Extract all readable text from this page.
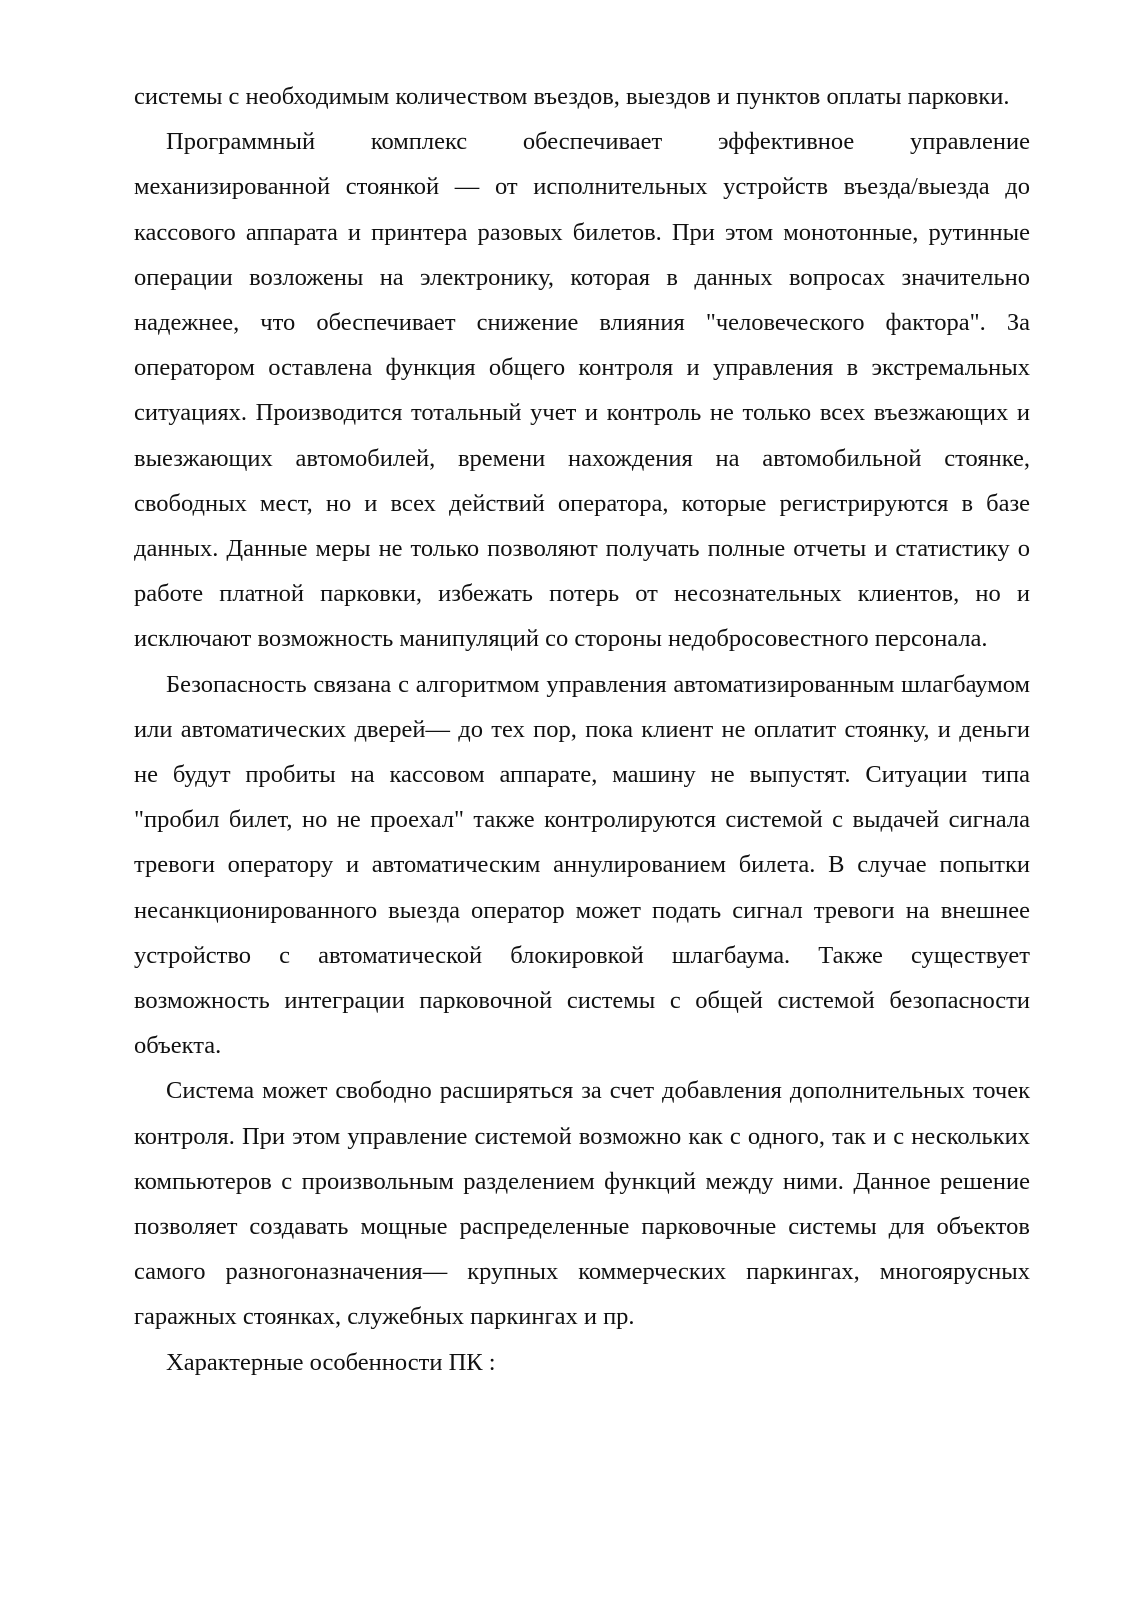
системы с необходимым количеством въездов, выездов и пунктов оплаты парковки.

Программный комплекс обеспечивает эффективное управление механизированной стоянкой — от исполнительных устройств въезда/выезда до кассового аппарата и принтера разовых билетов. При этом монотонные, рутинные операции возложены на электронику, которая в данных вопросах значительно надежнее, что обеспечивает снижение влияния "человеческого фактора". За оператором оставлена функция общего контроля и управления в экстремальных ситуациях. Производится тотальный учет и контроль не только всех въезжающих и выезжающих автомобилей, времени нахождения на автомобильной стоянке, свободных мест, но и всех действий оператора, которые регистрируются в базе данных. Данные меры не только позволяют получать полные отчеты и статистику о работе платной парковки, избежать потерь от несознательных клиентов, но и исключают возможность манипуляций со стороны недобросовестного персонала.

Безопасность связана с алгоритмом управления автоматизированным шлагбаумом или автоматических дверей— до тех пор, пока клиент не оплатит стоянку, и деньги не будут пробиты на кассовом аппарате, машину не выпустят. Ситуации типа "пробил билет, но не проехал" также контролируются системой с выдачей сигнала тревоги оператору и автоматическим аннулированием билета. В случае попытки несанкционированного выезда оператор может подать сигнал тревоги на внешнее устройство с автоматической блокировкой шлагбаума. Также существует возможность интеграции парковочной системы с общей системой безопасности объекта.

Система может свободно расширяться за счет добавления дополнительных точек контроля. При этом управление системой возможно как с одного, так и с нескольких компьютеров с произвольным разделением функций между ними. Данное решение позволяет создавать мощные распределенные парковочные системы для объектов самого разногоназначения— крупных коммерческих паркингах, многоярусных гаражных стоянках, служебных паркингах и пр.

Характерные особенности ПК :
